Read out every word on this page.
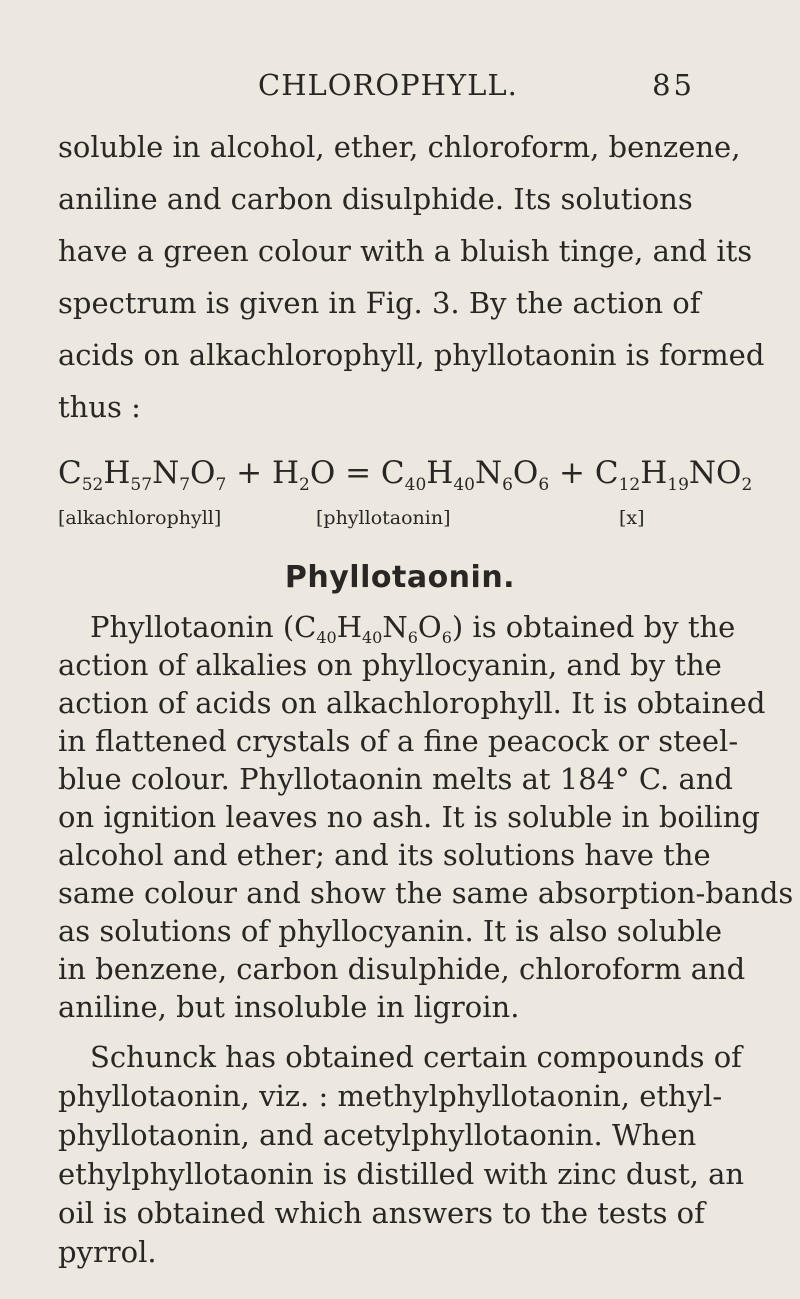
CHLOROPHYLL.	85
soluble in alcohol, ether, chloroform, benzene,
aniline and carbon disulphide. Its solutions
have a green colour with a bluish tinge, and its
spectrum is given in Fig. 3. By the action of
acids on alkachlorophyll, phyllotaonin is formed
thus :
$C_{52}H_{57}N_7O_7 + H_2O = C_{40}H_{40}N_6O_6 + C_{12}H_{19}NO_2$
[alkachlorophyll]	[phyllotaonin]	[x]
Phyllotaonin.
Phyllotaonin $(C_{40}H_{40}N_6O_6)$ is obtained by the
action of alkalies on phyllocyanin, and by the
action of acids on alkachlorophyll. It is obtained
in flattened crystals of a fine peacock or steel-
blue colour. Phyllotaonin melts at 184° C. and
on ignition leaves no ash. It is soluble in boiling
alcohol and ether; and its solutions have the
same colour and show the same absorption-bands
as solutions of phyllocyanin. It is also soluble
in benzene, carbon disulphide, chloroform and
aniline, but insoluble in ligroin.
Schunck has obtained certain compounds of
phyllotaonin, viz. : methylphyllotaonin, ethyl-
phyllotaonin, and acetylphyllotaonin. When
ethylphyllotaonin is distilled with zinc dust, an
oil is obtained which answers to the tests of
pyrrol.
